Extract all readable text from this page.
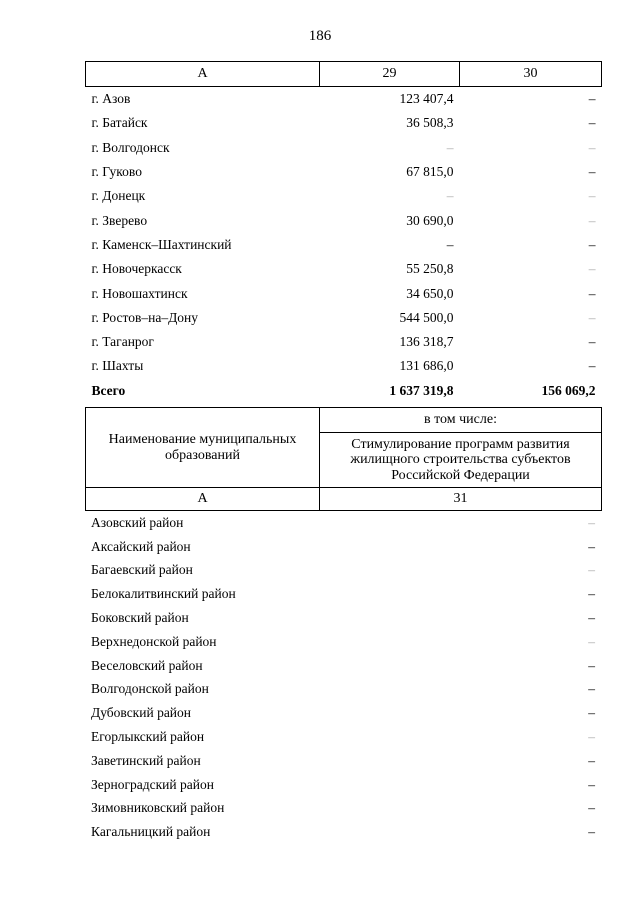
186
А	29	30
г. Азов	123 407,4	–
г. Батайск	36 508,3	–
г. Волгодонск	–	–
г. Гуково	67 815,0	–
г. Донецк	–	–
г. Зверево	30 690,0	–
г. Каменск–Шахтинский	–	–
г. Новочеркасск	55 250,8	–
г. Новошахтинск	34 650,0	–
г. Ростов–на–Дону	544 500,0	–
г. Таганрог	136 318,7	–
г. Шахты	131 686,0	–
Всего	1 637 319,8	156 069,2
Наименование муниципальных образований	в том числе:
	Стимулирование программ развития жилищного строительства субъектов Российской Федерации
А	31
Азовский район	–
Аксайский район	–
Багаевский район	–
Белокалитвинский район	–
Боковский район	–
Верхнедонской район	–
Веселовский район	–
Волгодонской район	–
Дубовский район	–
Егорлыкский район	–
Заветинский район	–
Зерноградский район	–
Зимовниковский район	–
Кагальницкий район	–
